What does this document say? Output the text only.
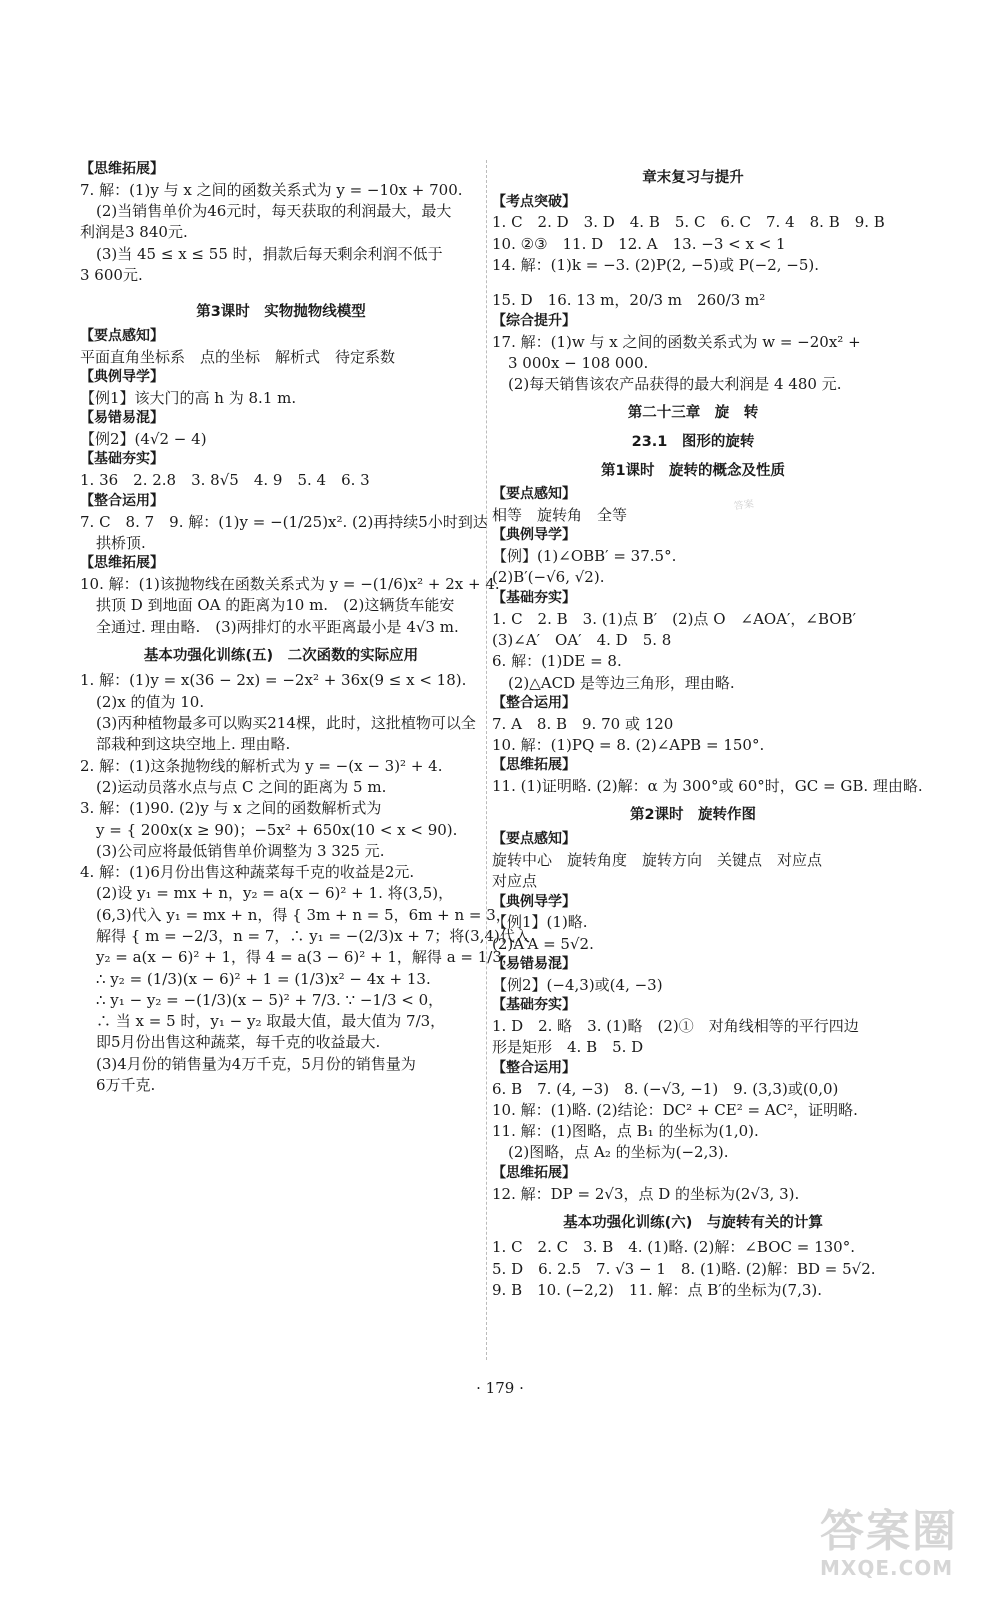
【思维拓展】
7. 解：(1)y 与 x 之间的函数关系式为 y = −10x + 700.
(2)当销售单价为46元时，每天获取的利润最大，最大
利润是3 840元.
(3)当 45 ≤ x ≤ 55 时，捐款后每天剩余利润不低于
3 600元.
第3课时　实物抛物线模型
【要点感知】
平面直角坐标系　点的坐标　解析式　待定系数
【典例导学】
【例1】该大门的高 h 为 8.1 m.
【易错易混】
【例2】(4√2 − 4)
【基础夯实】
1. 36　2. 2.8　3. 8√5　4. 9　5. 4　6. 3
【整合运用】
7. C　8. 7　9. 解：(1)y = −(1/25)x². (2)再持续5小时到达
拱桥顶.
【思维拓展】
10. 解：(1)该抛物线在函数关系式为 y = −(1/6)x² + 2x + 4.
拱顶 D 到地面 OA 的距离为10 m.　(2)这辆货车能安
全通过. 理由略.　(3)两排灯的水平距离最小是 4√3 m.
基本功强化训练(五)　二次函数的实际应用
1. 解：(1)y = x(36 − 2x) = −2x² + 36x(9 ≤ x < 18).
(2)x 的值为 10.
(3)丙种植物最多可以购买214棵，此时，这批植物可以全
部栽种到这块空地上. 理由略.
2. 解：(1)这条抛物线的解析式为 y = −(x − 3)² + 4.
(2)运动员落水点与点 C 之间的距离为 5 m.
3. 解：(1)90. (2)y 与 x 之间的函数解析式为
y = { 200x(x ≥ 90)；−5x² + 650x(10 < x < 90).
(3)公司应将最低销售单价调整为 3 325 元.
4. 解：(1)6月份出售这种蔬菜每千克的收益是2元.
(2)设 y₁ = mx + n，y₂ = a(x − 6)² + 1. 将(3,5)，
(6,3)代入 y₁ = mx + n，得 { 3m + n = 5，6m + n = 3，
解得 { m = −2/3，n = 7，∴ y₁ = −(2/3)x + 7；将(3,4)代入
y₂ = a(x − 6)² + 1，得 4 = a(3 − 6)² + 1，解得 a = 1/3，
∴ y₂ = (1/3)(x − 6)² + 1 = (1/3)x² − 4x + 13.
∴ y₁ − y₂ = −(1/3)(x − 5)² + 7/3. ∵ −1/3 < 0，
∴ 当 x = 5 时，y₁ − y₂ 取最大值，最大值为 7/3，
即5月份出售这种蔬菜，每千克的收益最大.
(3)4月份的销售量为4万千克，5月份的销售量为
6万千克.
章末复习与提升
【考点突破】
1. C　2. D　3. D　4. B　5. C　6. C　7. 4　8. B　9. B
10. ②③　11. D　12. A　13. −3 < x < 1
14. 解：(1)k = −3. (2)P(2, −5)或 P(−2, −5).
15. D　16. 13 m，20/3 m　260/3 m²
【综合提升】
17. 解：(1)w 与 x 之间的函数关系式为 w = −20x² +
3 000x − 108 000.
(2)每天销售该农产品获得的最大利润是 4 480 元.
第二十三章　旋　转
23.1　图形的旋转
第1课时　旋转的概念及性质
【要点感知】
相等　旋转角　全等
【典例导学】
【例】(1)∠OBB′ = 37.5°.
(2)B′(−√6, √2).
【基础夯实】
1. C　2. B　3. (1)点 B′　(2)点 O　∠AOA′，∠BOB′
(3)∠A′　OA′　4. D　5. 8
6. 解：(1)DE = 8.
(2)△ACD 是等边三角形，理由略.
【整合运用】
7. A　8. B　9. 70 或 120
10. 解：(1)PQ = 8. (2)∠APB = 150°.
【思维拓展】
11. (1)证明略. (2)解：α 为 300°或 60°时，GC = GB. 理由略.
第2课时　旋转作图
【要点感知】
旋转中心　旋转角度　旋转方向　关键点　对应点
对应点
【典例导学】
【例1】(1)略.
(2)A′A = 5√2.
【易错易混】
【例2】(−4,3)或(4, −3)
【基础夯实】
1. D　2. 略　3. (1)略　(2)①　对角线相等的平行四边
形是矩形　4. B　5. D
【整合运用】
6. B　7. (4, −3)　8. (−√3, −1)　9. (3,3)或(0,0)
10. 解：(1)略. (2)结论：DC² + CE² = AC²，证明略.
11. 解：(1)图略，点 B₁ 的坐标为(1,0).
(2)图略，点 A₂ 的坐标为(−2,3).
【思维拓展】
12. 解：DP = 2√3，点 D 的坐标为(2√3, 3).
基本功强化训练(六)　与旋转有关的计算
1. C　2. C　3. B　4. (1)略. (2)解：∠BOC = 130°.
5. D　6. 2.5　7. √3 − 1　8. (1)略. (2)解：BD = 5√2.
9. B　10. (−2,2)　11. 解：点 B′的坐标为(7,3).
· 179 ·
答案
答案圈
MXQE.COM
